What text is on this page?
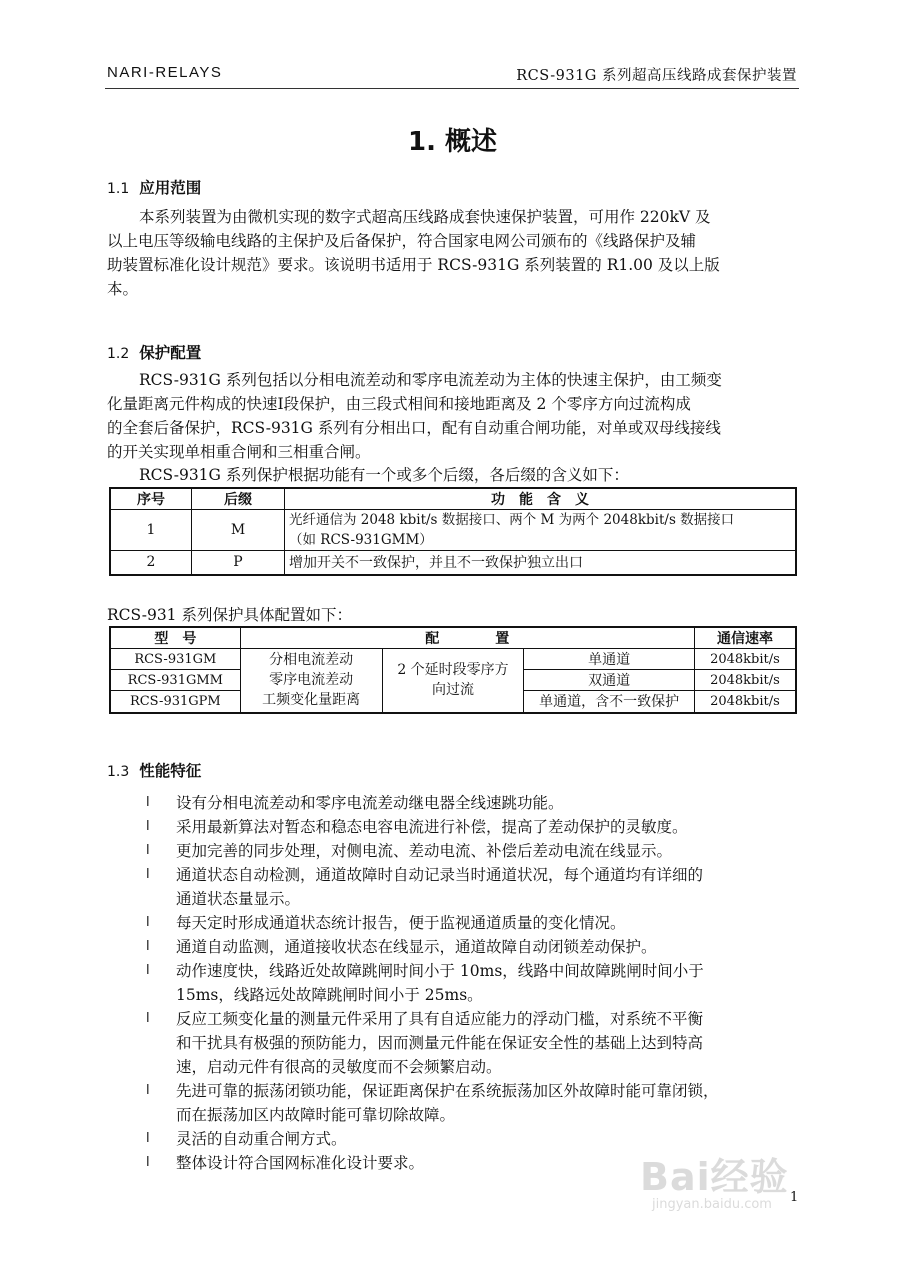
NARI-RELAYS	RCS-931G 系列超高压线路成套保护装置
1. 概述
1.1 应用范围
本系列装置为由微机实现的数字式超高压线路成套快速保护装置，可用作 220kV 及
以上电压等级输电线路的主保护及后备保护，符合国家电网公司颁布的《线路保护及辅
助装置标准化设计规范》要求。该说明书适用于 RCS-931G 系列装置的 R1.00 及以上版
本。
1.2 保护配置
RCS-931G 系列包括以分相电流差动和零序电流差动为主体的快速主保护，由工频变
化量距离元件构成的快速Ⅰ段保护，由三段式相间和接地距离及 2 个零序方向过流构成
的全套后备保护，RCS-931G 系列有分相出口，配有自动重合闸功能，对单或双母线接线
的开关实现单相重合闸和三相重合闸。
RCS-931G 系列保护根据功能有一个或多个后缀，各后缀的含义如下：
序号	后缀	功　能　含　义
1	M	光纤通信为 2048 kbit/s 数据接口、两个 M 为两个 2048kbit/s 数据接口
（如 RCS-931GMM）

2	P	增加开关不一致保护，并且不一致保护独立出口
RCS-931 系列保护具体配置如下：
型　号	配　　　　置			通信速率
RCS-931GM	分相电流差动
零序电流差动
工频变化量距离	2 个延时段零序方
向过流	单通道	2048kbit/s
RCS-931GMM			双通道	2048kbit/s
RCS-931GPM			单通道，含不一致保护	2048kbit/s
1.3 性能特征
l 设有分相电流差动和零序电流差动继电器全线速跳功能。
l 采用最新算法对暂态和稳态电容电流进行补偿，提高了差动保护的灵敏度。
l 更加完善的同步处理，对侧电流、差动电流、补偿后差动电流在线显示。
l 通道状态自动检测，通道故障时自动记录当时通道状况，每个通道均有详细的
通道状态量显示。
l 每天定时形成通道状态统计报告，便于监视通道质量的变化情况。
l 通道自动监测，通道接收状态在线显示，通道故障自动闭锁差动保护。
l 动作速度快，线路近处故障跳闸时间小于 10ms，线路中间故障跳闸时间小于
15ms，线路远处故障跳闸时间小于 25ms。
l 反应工频变化量的测量元件采用了具有自适应能力的浮动门槛，对系统不平衡
和干扰具有极强的预防能力，因而测量元件能在保证安全性的基础上达到特高
速，启动元件有很高的灵敏度而不会频繁启动。
l 先进可靠的振荡闭锁功能，保证距离保护在系统振荡加区外故障时能可靠闭锁，
而在振荡加区内故障时能可靠切除故障。
l 灵活的自动重合闸方式。
l 整体设计符合国网标准化设计要求。
1
Bai经验
jingyan.baidu.com
